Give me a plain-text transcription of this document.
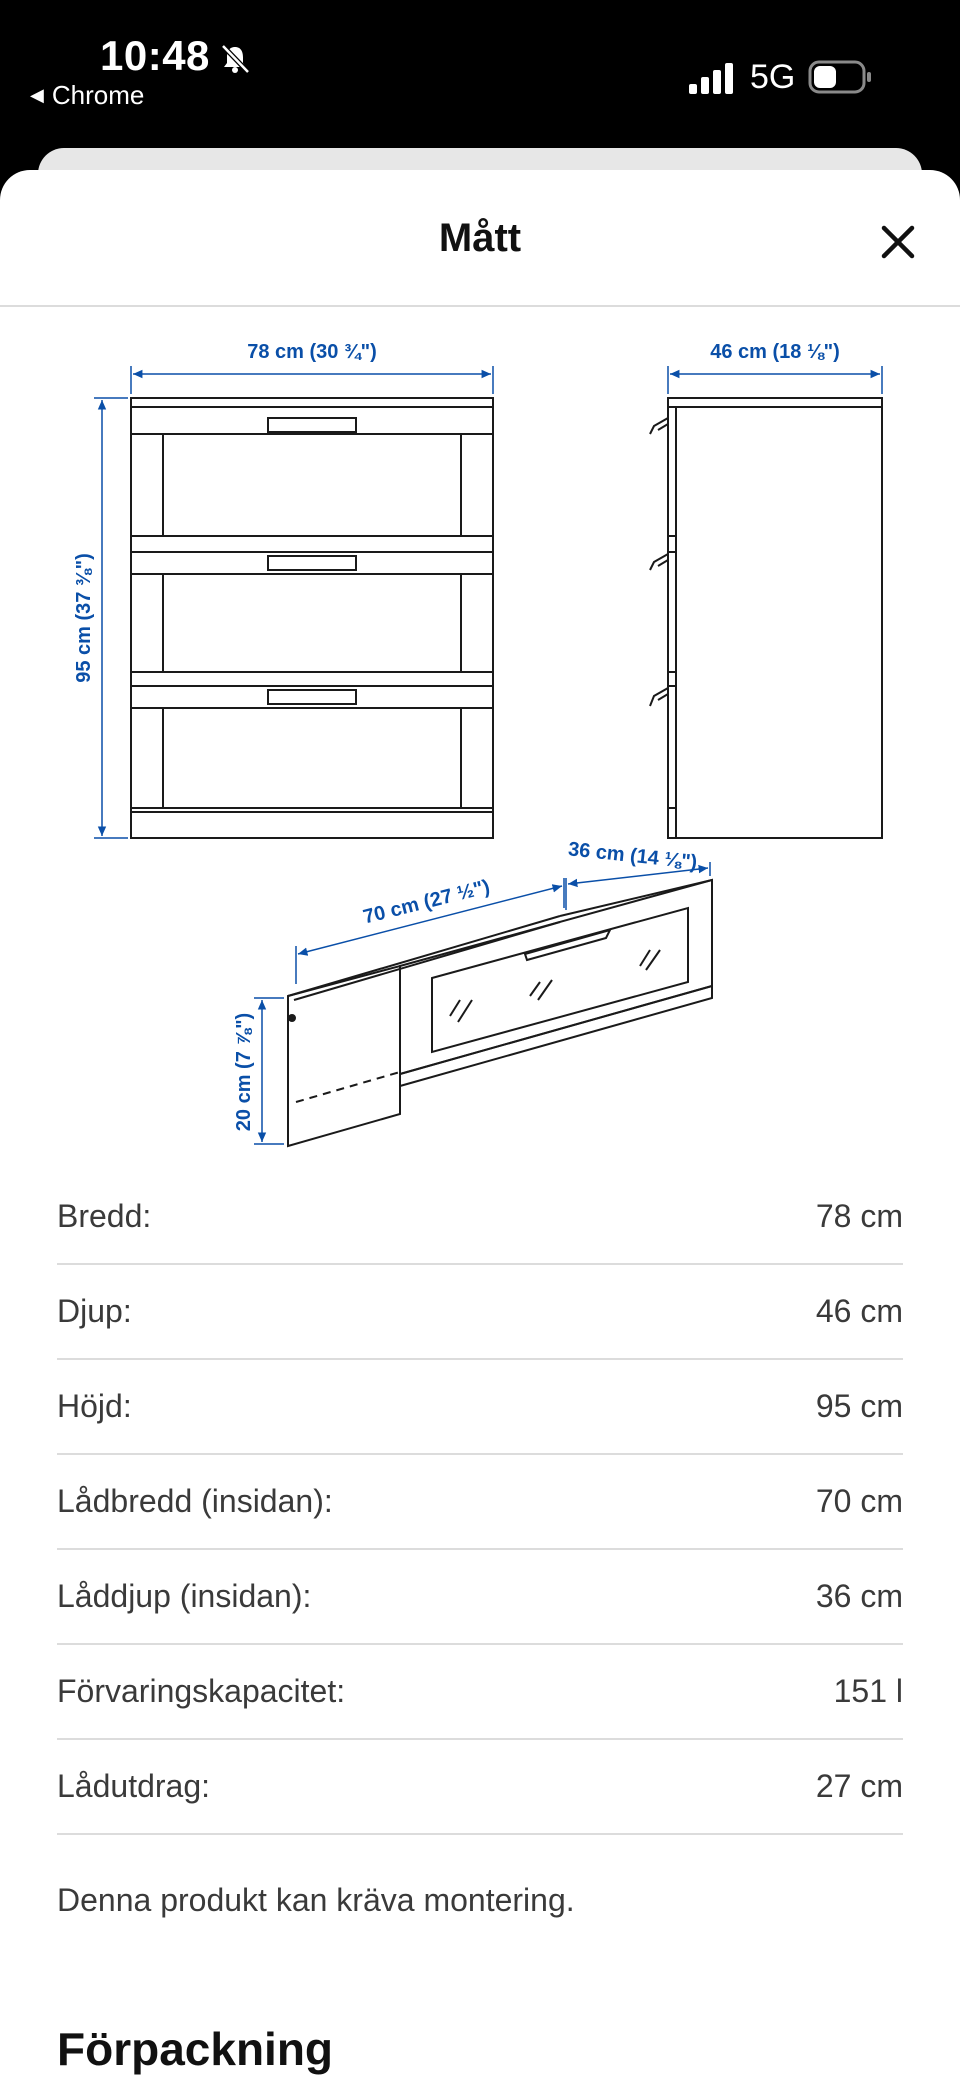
10:48
◀ Chrome	5G
Mått
78 cm (30 ¾")
95 cm (37 ⅜")
46 cm (18 ⅛")
70 cm (27 ½")
36 cm (14 ⅛")
20 cm (7 ⅞")
Bredd:	78 cm
Djup:	46 cm
Höjd:	95 cm
Lådbredd (insidan):	70 cm
Låddjup (insidan):	36 cm
Förvaringskapacitet:	151 l
Lådutdrag:	27 cm
Denna produkt kan kräva montering.
Förpackning
